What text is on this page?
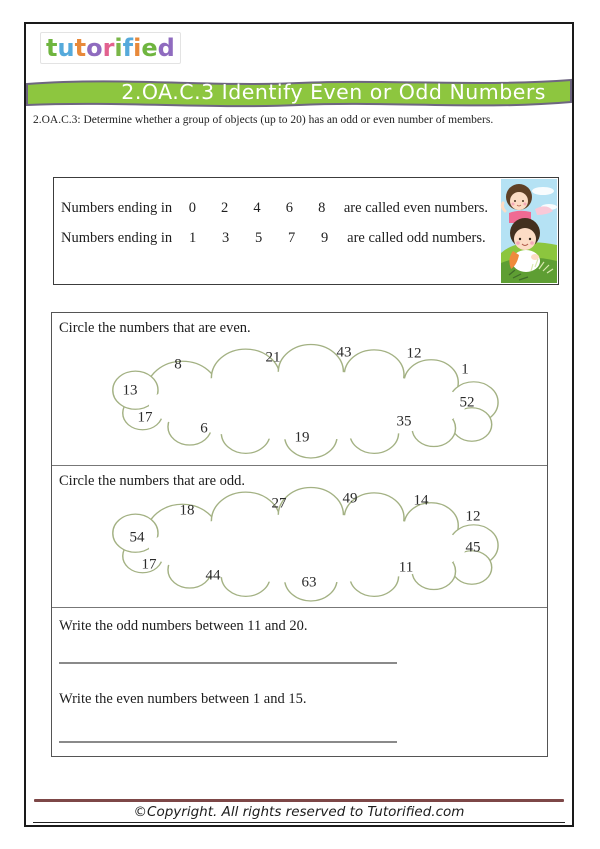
tutorified
2.OA.C.3 Identify Even or Odd Numbers
2.OA.C.3: Determine whether a group of objects (up to 20) has an odd or even number of members.
Numbers ending in	0	2	4	6	8	are called even numbers.
Numbers ending in	1	3	5	7	9	are called odd numbers.
Circle the numbers that are even.
8	21	43	12
1
13
52
17
6
19
35
Circle the numbers that are odd.
18	27	49	14
12
54
45
17
44	63
11
Write the odd numbers between 11 and 20.
Write the even numbers between 1 and 15.
©Copyright. All rights reserved to Tutorified.com
